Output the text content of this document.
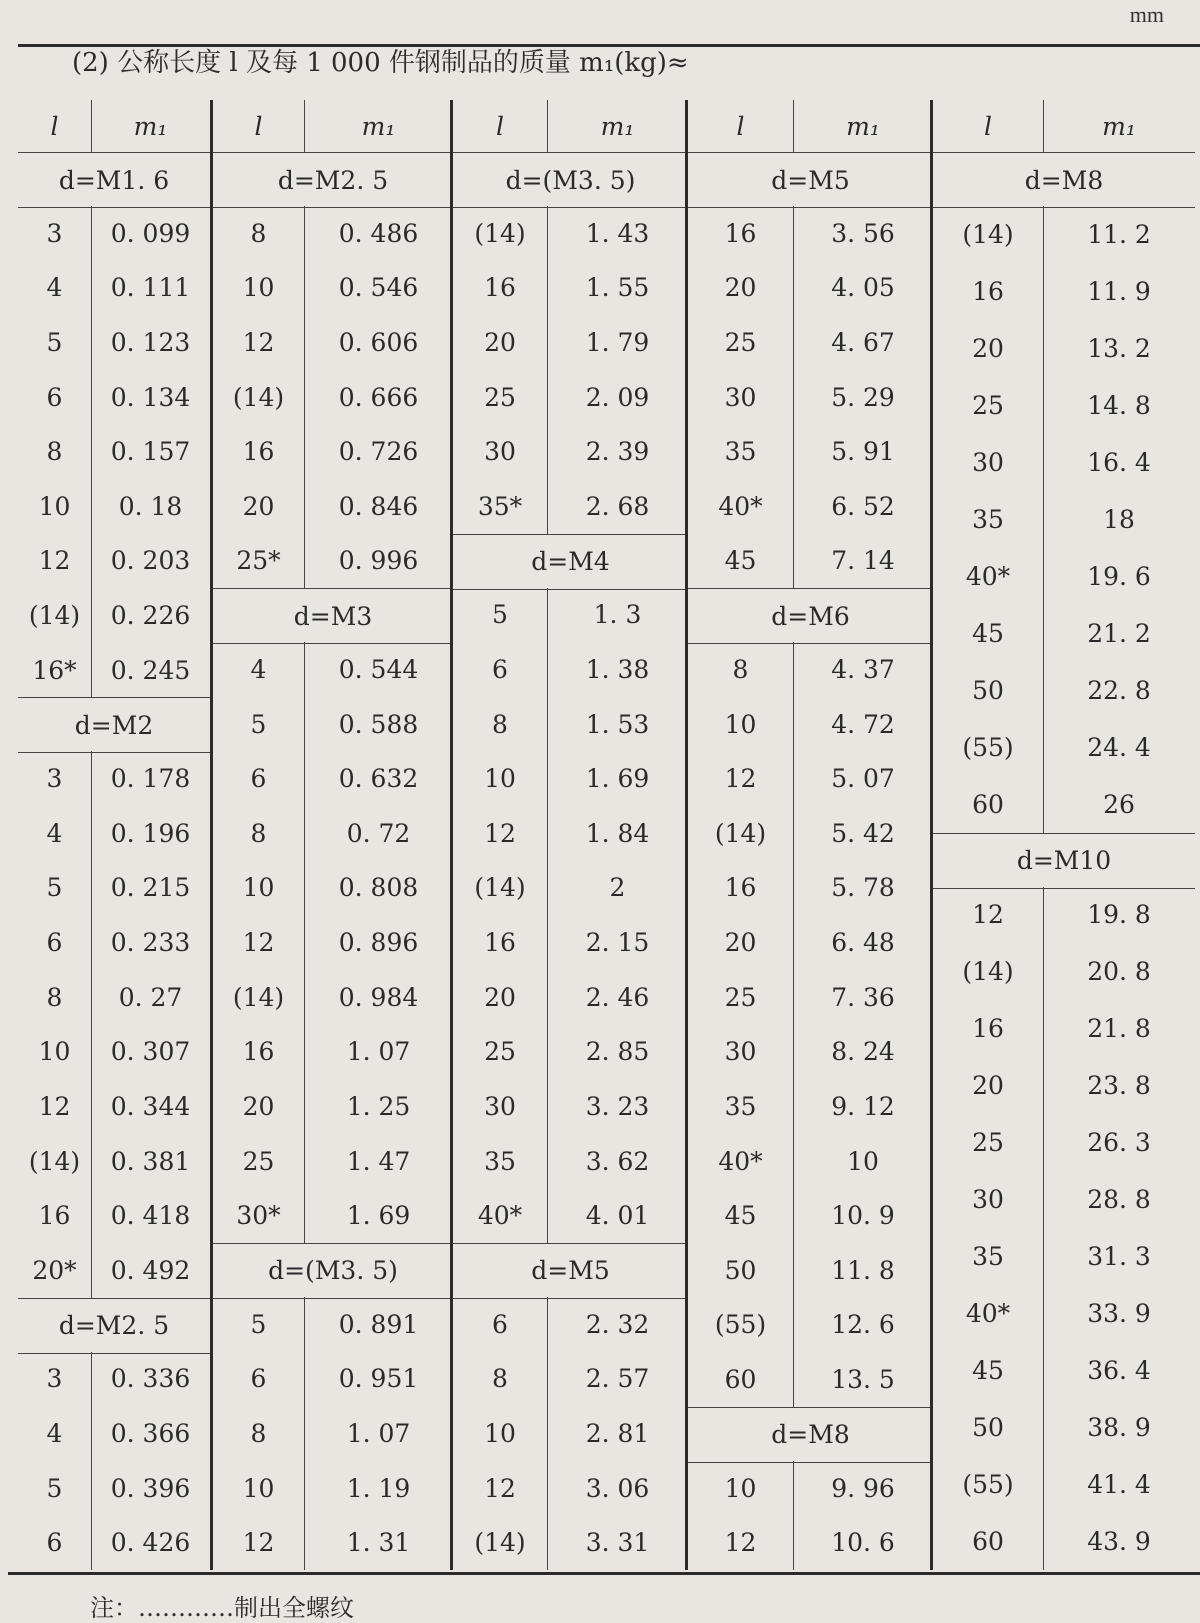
mm
(2) 公称长度 l 及每 1 000 件钢制品的质量 m₁(kg)≈
l	m₁
d=M1. 6
3	0. 099
4	0. 111
5	0. 123
6	0. 134
8	0. 157
10	0. 18
12	0. 203
(14)	0. 226
16*	0. 245
d=M2
3	0. 178
4	0. 196
5	0. 215
6	0. 233
8	0. 27
10	0. 307
12	0. 344
(14)	0. 381
16	0. 418
20*	0. 492
d=M2. 5
3	0. 336
4	0. 366
5	0. 396
6	0. 426
l	m₁
d=M2. 5
8	0. 486
10	0. 546
12	0. 606
(14)	0. 666
16	0. 726
20	0. 846
25*	0. 996
d=M3
4	0. 544
5	0. 588
6	0. 632
8	0. 72
10	0. 808
12	0. 896
(14)	0. 984
16	1. 07
20	1. 25
25	1. 47
30*	1. 69
d=(M3. 5)
5	0. 891
6	0. 951
8	1. 07
10	1. 19
12	1. 31
l	m₁
d=(M3. 5)
(14)	1. 43
16	1. 55
20	1. 79
25	2. 09
30	2. 39
35*	2. 68
d=M4
5	1. 3
6	1. 38
8	1. 53
10	1. 69
12	1. 84
(14)	2
16	2. 15
20	2. 46
25	2. 85
30	3. 23
35	3. 62
40*	4. 01
d=M5
6	2. 32
8	2. 57
10	2. 81
12	3. 06
(14)	3. 31
l	m₁
d=M5
16	3. 56
20	4. 05
25	4. 67
30	5. 29
35	5. 91
40*	6. 52
45	7. 14
d=M6
8	4. 37
10	4. 72
12	5. 07
(14)	5. 42
16	5. 78
20	6. 48
25	7. 36
30	8. 24
35	9. 12
40*	10
45	10. 9
50	11. 8
(55)	12. 6
60	13. 5
d=M8
10	9. 96
12	10. 6
l	m₁
d=M8
(14)	11. 2
16	11. 9
20	13. 2
25	14. 8
30	16. 4
35	18
40*	19. 6
45	21. 2
50	22. 8
(55)	24. 4
60	26
d=M10
12	19. 8
(14)	20. 8
16	21. 8
20	23. 8
25	26. 3
30	28. 8
35	31. 3
40*	33. 9
45	36. 4
50	38. 9
(55)	41. 4
60	43. 9
注：…………制出全螺纹
